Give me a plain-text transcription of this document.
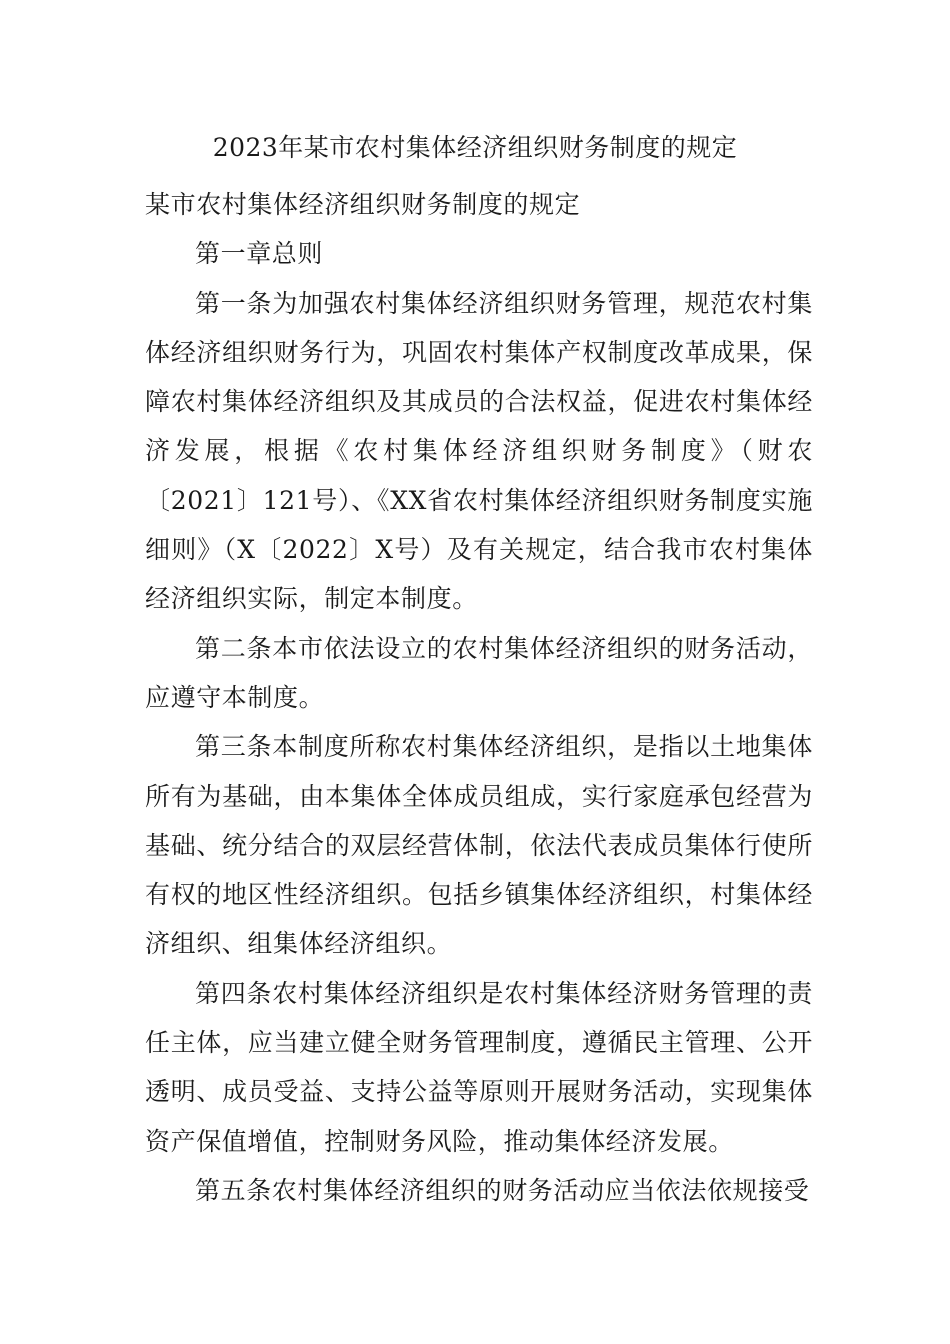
2023年某市农村集体经济组织财务制度的规定

某市农村集体经济组织财务制度的规定

第一章总则

第一条为加强农村集体经济组织财务管理，规范农村集体经济组织财务行为，巩固农村集体产权制度改革成果，保障农村集体经济组织及其成员的合法权益，促进农村集体经济发展，根据《农村集体经济组织财务制度》（财农〔2021〕121号）、《XX省农村集体经济组织财务制度实施细则》（X〔2022〕X号）及有关规定，结合我市农村集体经济组织实际，制定本制度。

第二条本市依法设立的农村集体经济组织的财务活动，应遵守本制度。

第三条本制度所称农村集体经济组织，是指以土地集体所有为基础，由本集体全体成员组成，实行家庭承包经营为基础、统分结合的双层经营体制，依法代表成员集体行使所有权的地区性经济组织。包括乡镇集体经济组织，村集体经济组织、组集体经济组织。

第四条农村集体经济组织是农村集体经济财务管理的责任主体，应当建立健全财务管理制度，遵循民主管理、公开透明、成员受益、支持公益等原则开展财务活动，实现集体资产保值增值，控制财务风险，推动集体经济发展。

第五条农村集体经济组织的财务活动应当依法依规接受
